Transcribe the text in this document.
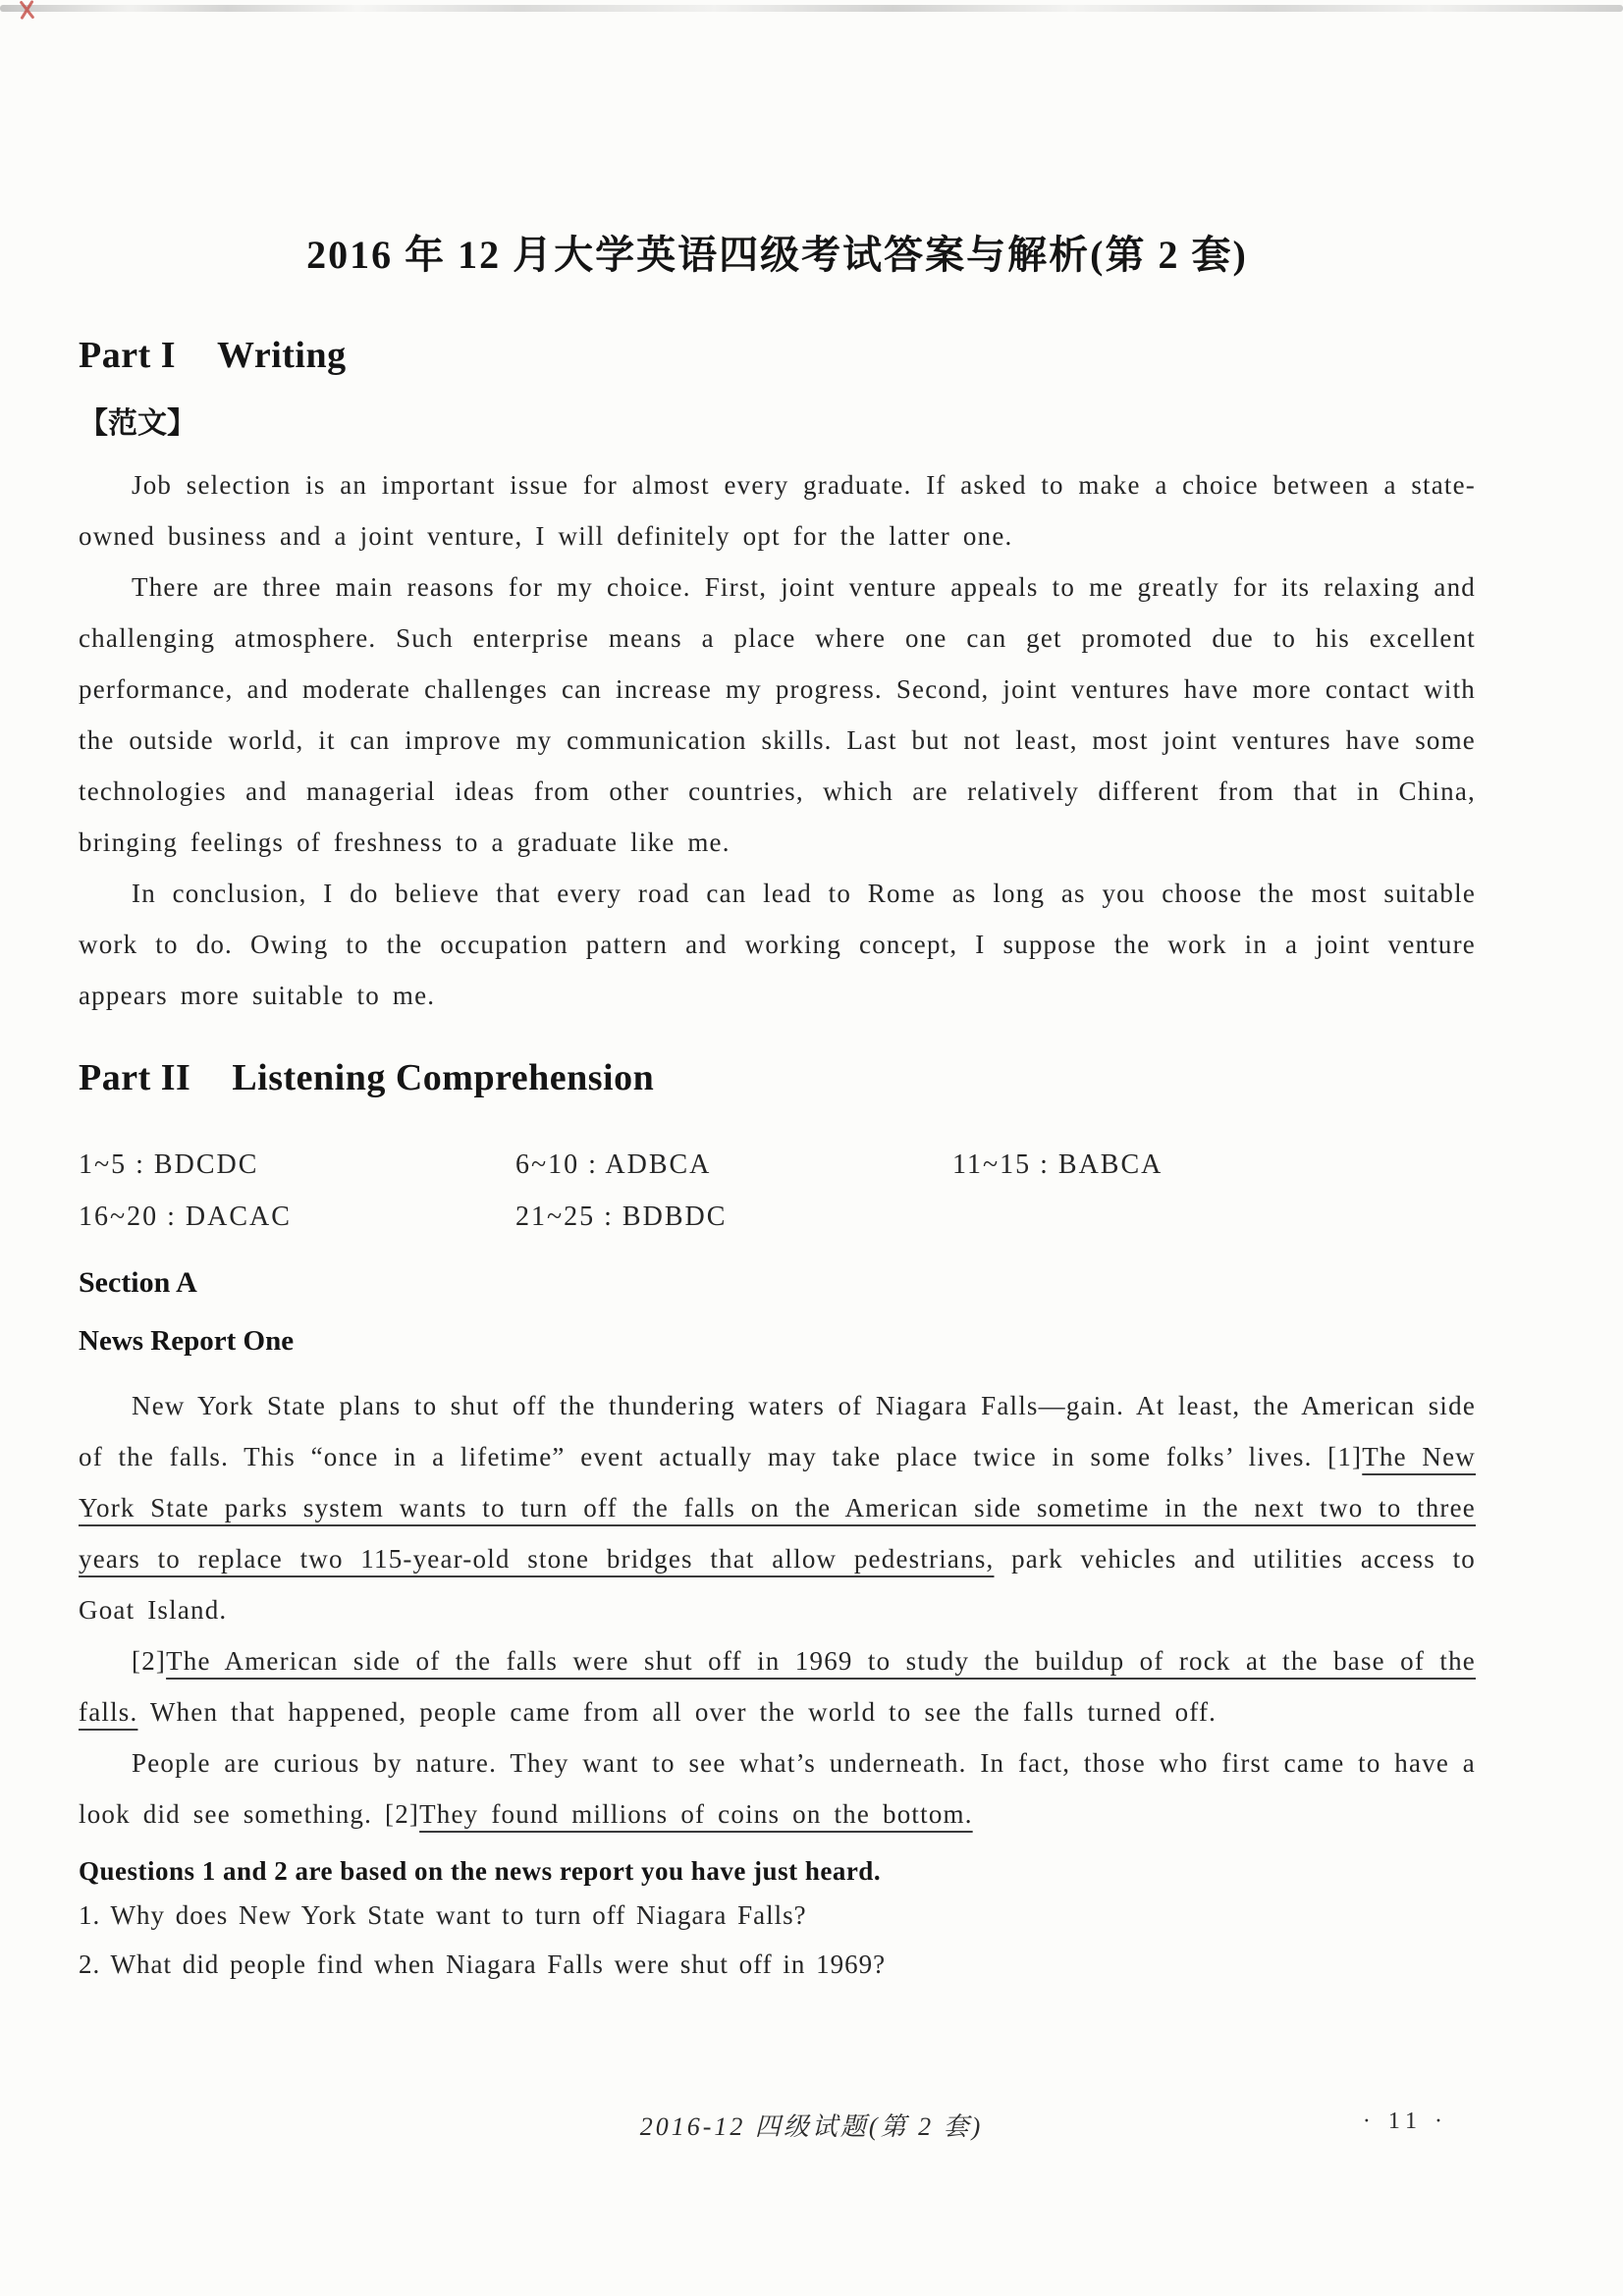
2016 年 12 月大学英语四级考试答案与解析(第 2 套)
Part I Writing
【范文】

Job selection is an important issue for almost every graduate. If asked to make a choice between a state-owned business and a joint venture, I will definitely opt for the latter one.

There are three main reasons for my choice. First, joint venture appeals to me greatly for its relaxing and challenging atmosphere. Such enterprise means a place where one can get promoted due to his excellent performance, and moderate challenges can increase my progress. Second, joint ventures have more contact with the outside world, it can improve my communication skills. Last but not least, most joint ventures have some technologies and managerial ideas from other countries, which are relatively different from that in China, bringing feelings of freshness to a graduate like me.

In conclusion, I do believe that every road can lead to Rome as long as you choose the most suitable work to do. Owing to the occupation pattern and working concept, I suppose the work in a joint venture appears more suitable to me.

Part II Listening Comprehension
1~5 : BDCDC	6~10 : ADBCA	11~15 : BABCA
16~20 : DACAC	21~25 : BDBDC
Section A
News Report One

New York State plans to shut off the thundering waters of Niagara Falls—gain. At least, the American side of the falls. This “once in a lifetime” event actually may take place twice in some folks’ lives. [1]The New York State parks system wants to turn off the falls on the American side sometime in the next two to three years to replace two 115-year-old stone bridges that allow pedestrians, park vehicles and utilities access to Goat Island.

[2]The American side of the falls were shut off in 1969 to study the buildup of rock at the base of the falls. When that happened, people came from all over the world to see the falls turned off.

People are curious by nature. They want to see what’s underneath. In fact, those who first came to have a look did see something. [2]They found millions of coins on the bottom.

Questions 1 and 2 are based on the news report you have just heard.
1. Why does New York State want to turn off Niagara Falls?
2. What did people find when Niagara Falls were shut off in 1969?
2016-12 四级试题(第 2 套)	· 11 ·
